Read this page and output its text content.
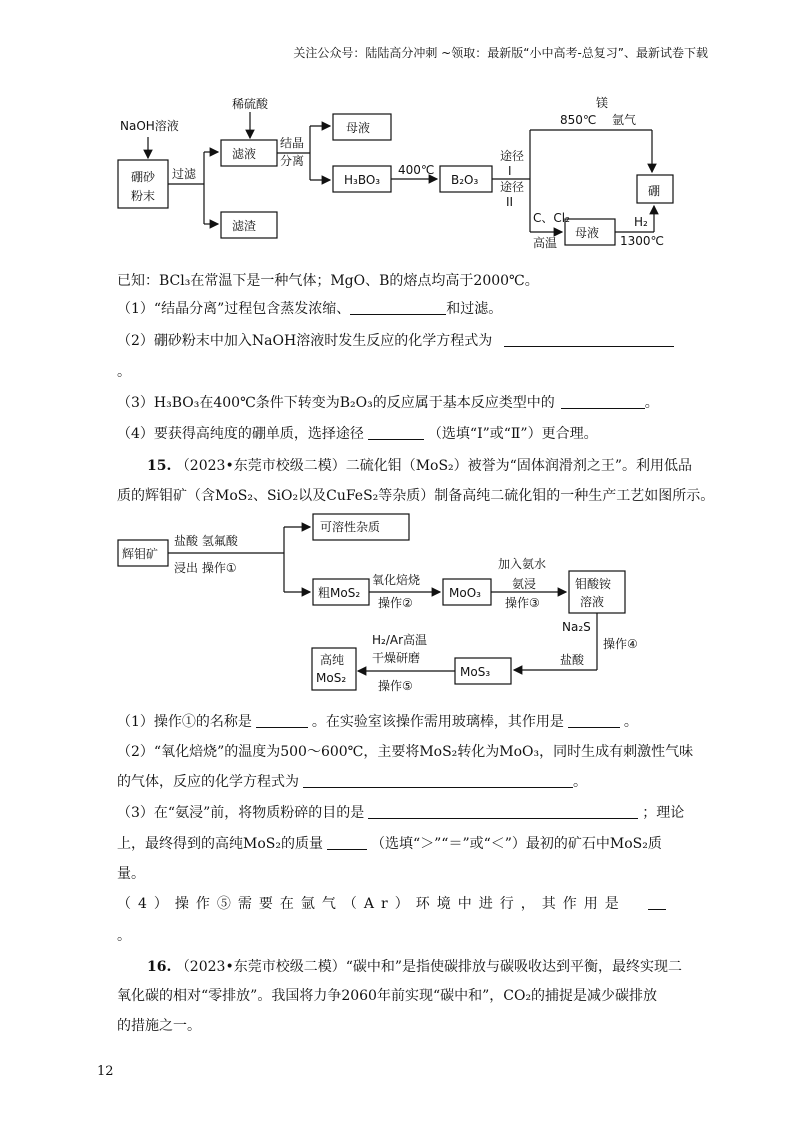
关注公众号：陆陆高分冲刺 ~领取：最新版“小中高考-总复习”、最新试卷下载
NaOH溶液
硼砂
粉末
过滤
稀硫酸
滤液
结晶
分离
母液
H₃BO₃
400℃
B₂O₃
途径
I
途径
II
镁
850℃ 氩气
硼
C、Cl₂
高温
母液
H₂
1300℃
滤渣
已知：BCl₃在常温下是一种气体；MgO、B的熔点均高于2000℃。
（1）“结晶分离”过程包含蒸发浓缩、	和过滤。
（2）硼砂粉末中加入NaOH溶液时发生反应的化学方程式为
。
（3）H₃BO₃在400℃条件下转变为B₂O₃的反应属于基本反应类型中的	。
（4）要获得高纯度的硼单质，选择途径	（选填“Ⅰ”或“Ⅱ”）更合理。
15. （2023•东莞市校级二模）二硫化钼（MoS₂）被誉为“固体润滑剂之王”。利用低品
质的辉钼矿（含MoS₂、SiO₂以及CuFeS₂等杂质）制备高纯二硫化钼的一种生产工艺如图所示。
辉钼矿
盐酸 氢氟酸
浸出 操作①
可溶性杂质
粗MoS₂
氧化焙烧
操作②
MoO₃
加入氨水
氨浸
操作③
钼酸铵
溶液
Na₂S
盐酸
操作④
MoS₃
H₂/Ar高温
干燥研磨
操作⑤
高纯
MoS₂
（1）操作①的名称是	。在实验室该操作需用玻璃棒，其作用是	。
（2）“氧化焙烧”的温度为500～600℃，主要将MoS₂转化为MoO₃，同时生成有刺激性气味
的气体，反应的化学方程式为	。
（3）在“氨浸”前，将物质粉碎的目的是	；理论
上，最终得到的高纯MoS₂的质量	（选填“＞”“＝”或“＜”）最初的矿石中MoS₂质
量。
（4）操作⑤需要在氩气（Ar）环境中进行，其作用是
。
16. （2023•东莞市校级二模）“碳中和”是指使碳排放与碳吸收达到平衡，最终实现二
氧化碳的相对“零排放”。我国将力争2060年前实现“碳中和”，CO₂的捕捉是减少碳排放
的措施之一。
12
